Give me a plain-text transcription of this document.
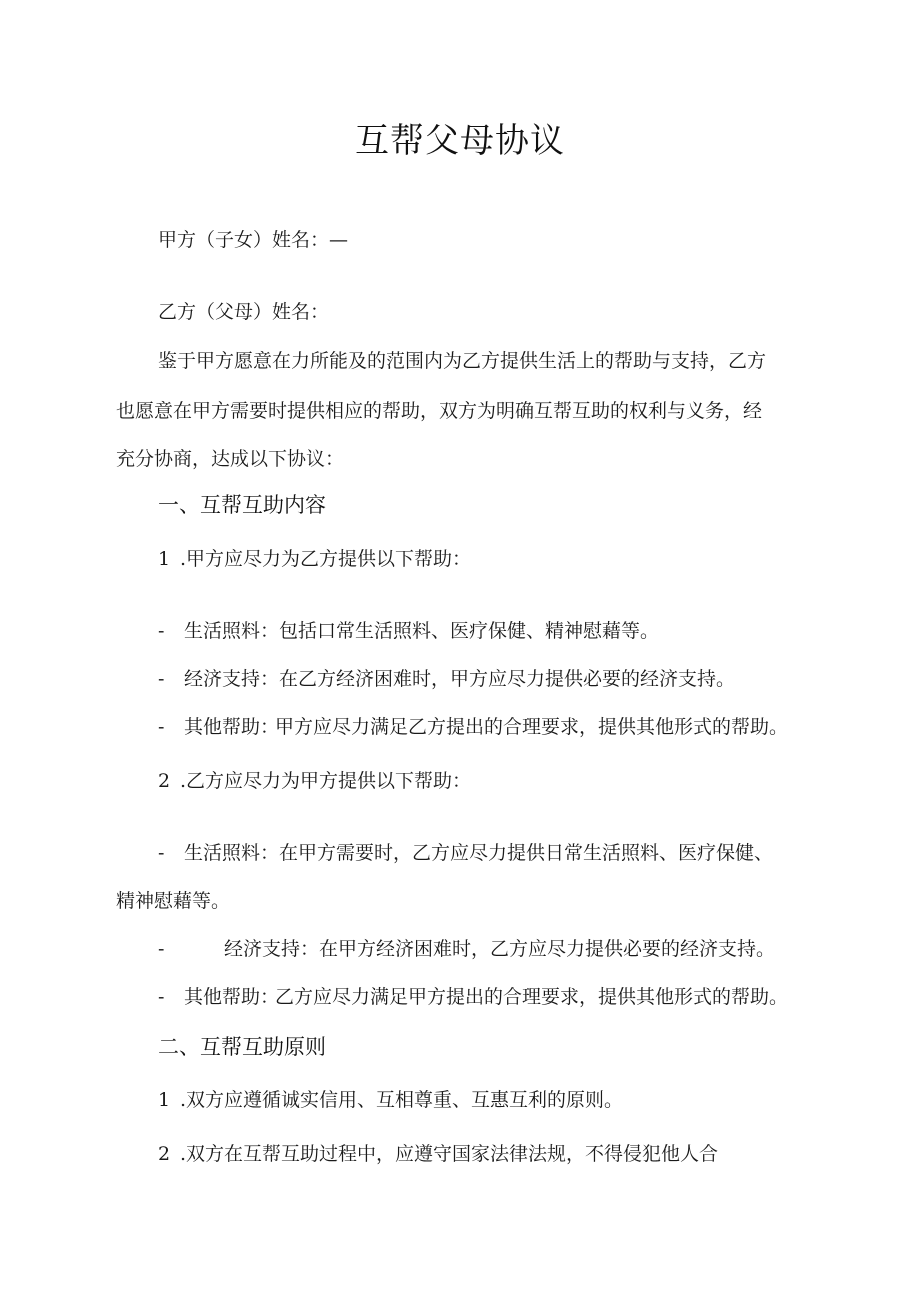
互帮父母协议
甲方（子女）姓名：—
乙方（父母）姓名：
鉴于甲方愿意在力所能及的范围内为乙方提供生活上的帮助与支持，乙方
也愿意在甲方需要时提供相应的帮助，双方为明确互帮互助的权利与义务，经
充分协商，达成以下协议：
一、互帮互助内容
1 .甲方应尽力为乙方提供以下帮助：
- 生活照料：包括口常生活照料、医疗保健、精神慰藉等。
- 经济支持：在乙方经济困难时，甲方应尽力提供必要的经济支持。
- 其他帮助：甲方应尽力满足乙方提出的合理要求，提供其他形式的帮助。
2 .乙方应尽力为甲方提供以下帮助：
- 生活照料：在甲方需要时，乙方应尽力提供日常生活照料、医疗保健、
精神慰藉等。
-	经济支持：在甲方经济困难时，乙方应尽力提供必要的经济支持。
- 其他帮助：乙方应尽力满足甲方提出的合理要求，提供其他形式的帮助。
二、互帮互助原则
1 .双方应遵循诚实信用、互相尊重、互惠互利的原则。
2 .双方在互帮互助过程中，应遵守国家法律法规，不得侵犯他人合
